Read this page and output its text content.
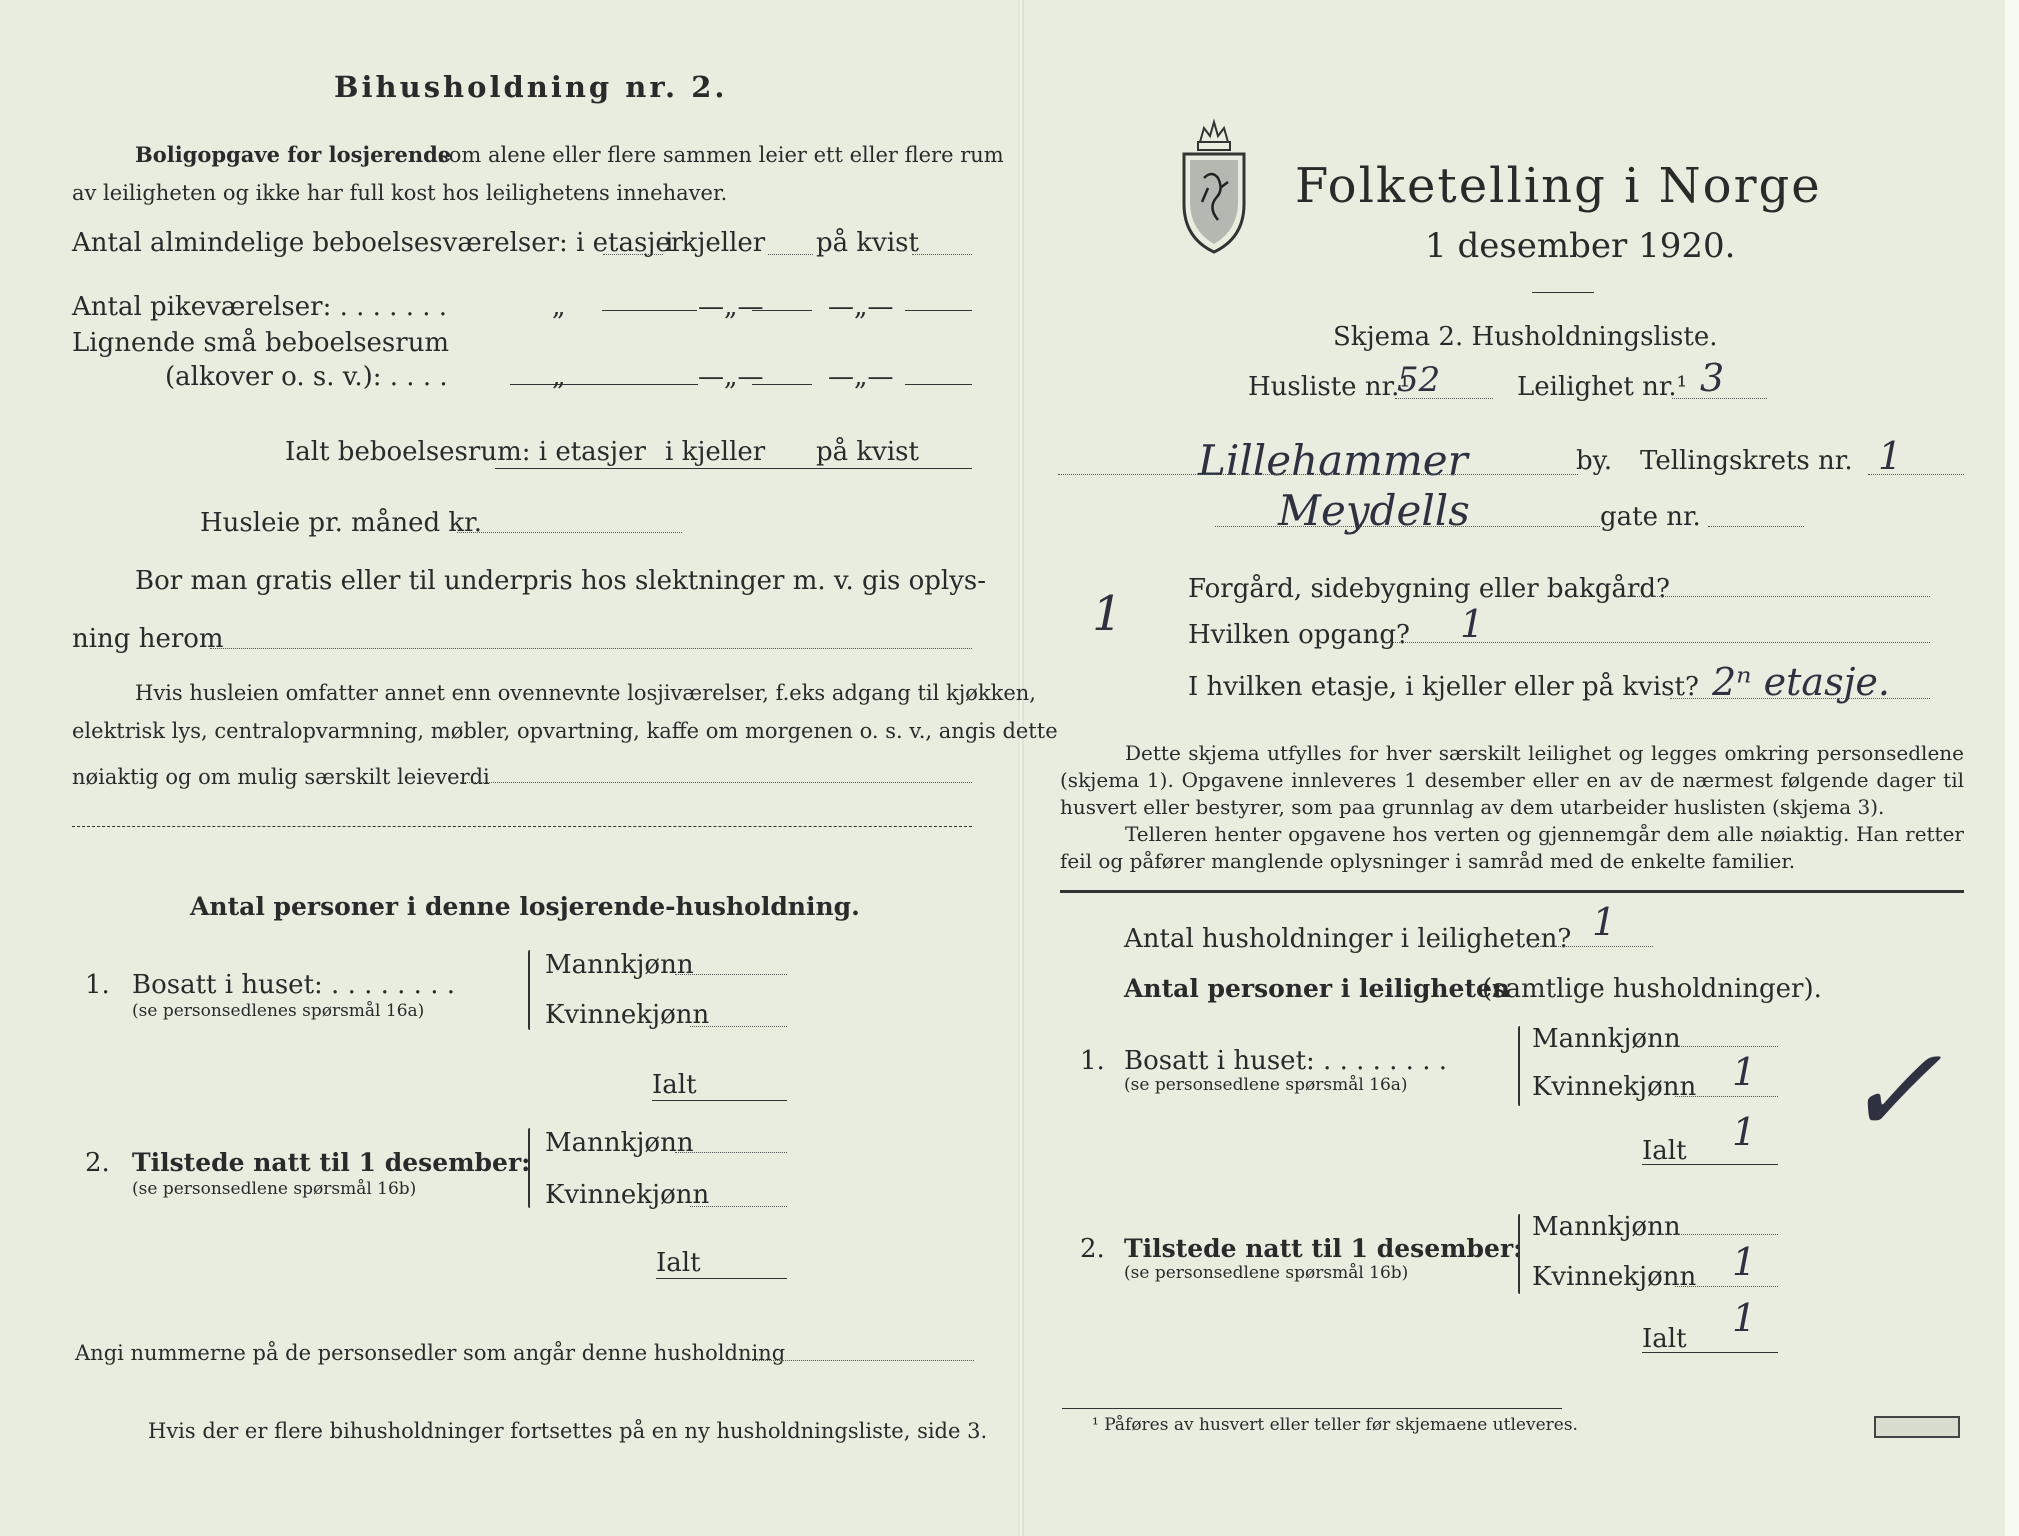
Bihusholdning nr. 2.
Boligopgave for losjerende
som alene eller flere sammen leier ett eller flere rum
av leiligheten og ikke har full kost hos leilighetens innehaver.
Antal almindelige beboelsesværelser: i etasjer
i kjeller på kvist
Antal pikeværelser: . . . . . . .	„	—„— —„—
Lignende små beboelsesrum
(alkover o. s. v.): . . . .	„	—„— —„—
Ialt beboelsesrum: i etasjer i kjeller på kvist
Husleie pr. måned kr.
Bor man gratis eller til underpris hos slektninger m. v. gis oplys-
ning herom
Hvis husleien omfatter annet enn ovennevnte losjiværelser, f.eks adgang til kjøkken,
elektrisk lys, centralopvarmning, møbler, opvartning, kaffe om morgenen o. s. v., angis dette
nøiaktig og om mulig særskilt leieverdi
Antal personer i denne losjerende-husholdning.
1. Bosatt i huset: . . . . . . . .
(se personsedlenes spørsmål 16a)
Mannkjønn
Kvinnekjønn
Ialt
2. Tilstede natt til 1 desember:
(se personsedlene spørsmål 16b)
Mannkjønn
Kvinnekjønn
Ialt
Angi nummerne på de personsedler som angår denne husholdning
Hvis der er flere bihusholdninger fortsettes på en ny husholdningsliste, side 3.
Folketelling i Norge
1 desember 1920.
Skjema 2. Husholdningsliste.
Husliste nr.¹
52	Leilighet nr.¹ 3
Lillehammer	by. Tellingskrets nr. 1
Meydells	gate nr.
1	Forgård, sidebygning eller bakgård?
Hvilken opgang? 1
I hvilken etasje, i kjeller eller på kvist? 2ⁿ etasje.
Dette skjema utfylles for hver særskilt leilighet og legges omkring personsedlene (skjema 1). Opgavene innleveres 1 desember eller en av de nærmest følgende dager til husvert eller bestyrer, som paa grunnlag av dem utarbeider huslisten (skjema 3).
Telleren henter opgavene hos verten og gjennemgår dem alle nøiaktig. Han retter feil og påfører manglende oplysninger i samråd med de enkelte familier.
Antal husholdninger i leiligheten? 1
Antal personer i leiligheten
(samtlige husholdninger).
1. Bosatt i huset: . . . . . . . .
(se personsedlene spørsmål 16a)
Mannkjønn
Kvinnekjønn 1
Ialt 1 ✓
2. Tilstede natt til 1 desember:
(se personsedlene spørsmål 16b)
Mannkjønn
Kvinnekjønn 1
Ialt 1
¹ Påføres av husvert eller teller før skjemaene utleveres.
